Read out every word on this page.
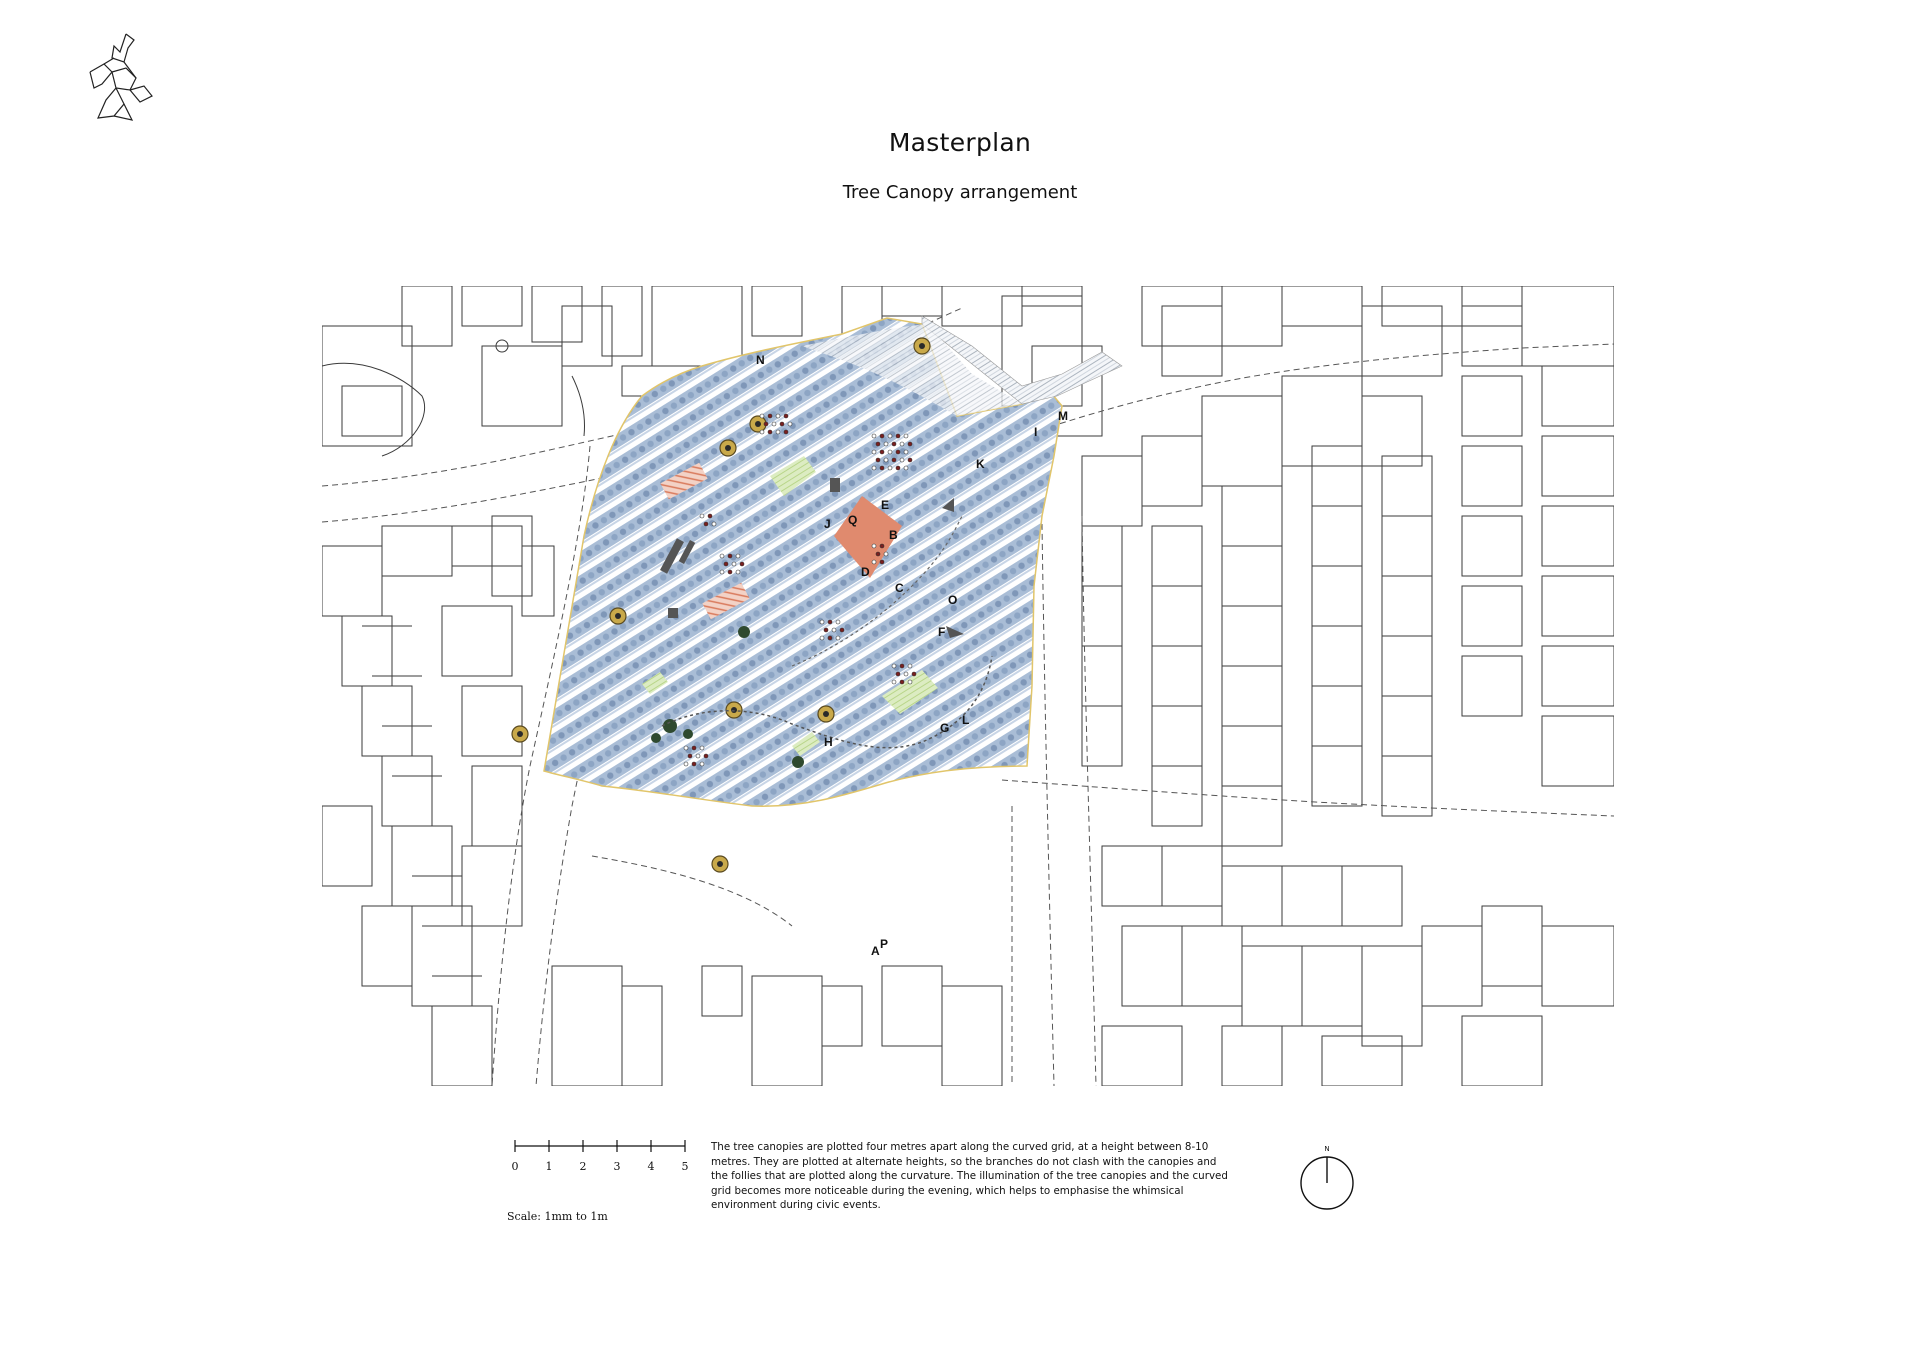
Masterplan
Tree Canopy arrangement
A
B
C
D
E
F
G
H
I
J
K
L
M
N
O
P
Q
0 1 2 3 4 5
Scale: 1mm to 1m

The tree canopies are plotted four metres apart along the curved grid, at a height between 8-10 metres. They are plotted at alternate heights, so the branches do not clash with the canopies and the follies that are plotted along the curvature. The illumination of the tree canopies and the curved grid becomes more noticeable during the evening, which helps to emphasise the whimsical environment during civic events.

N
